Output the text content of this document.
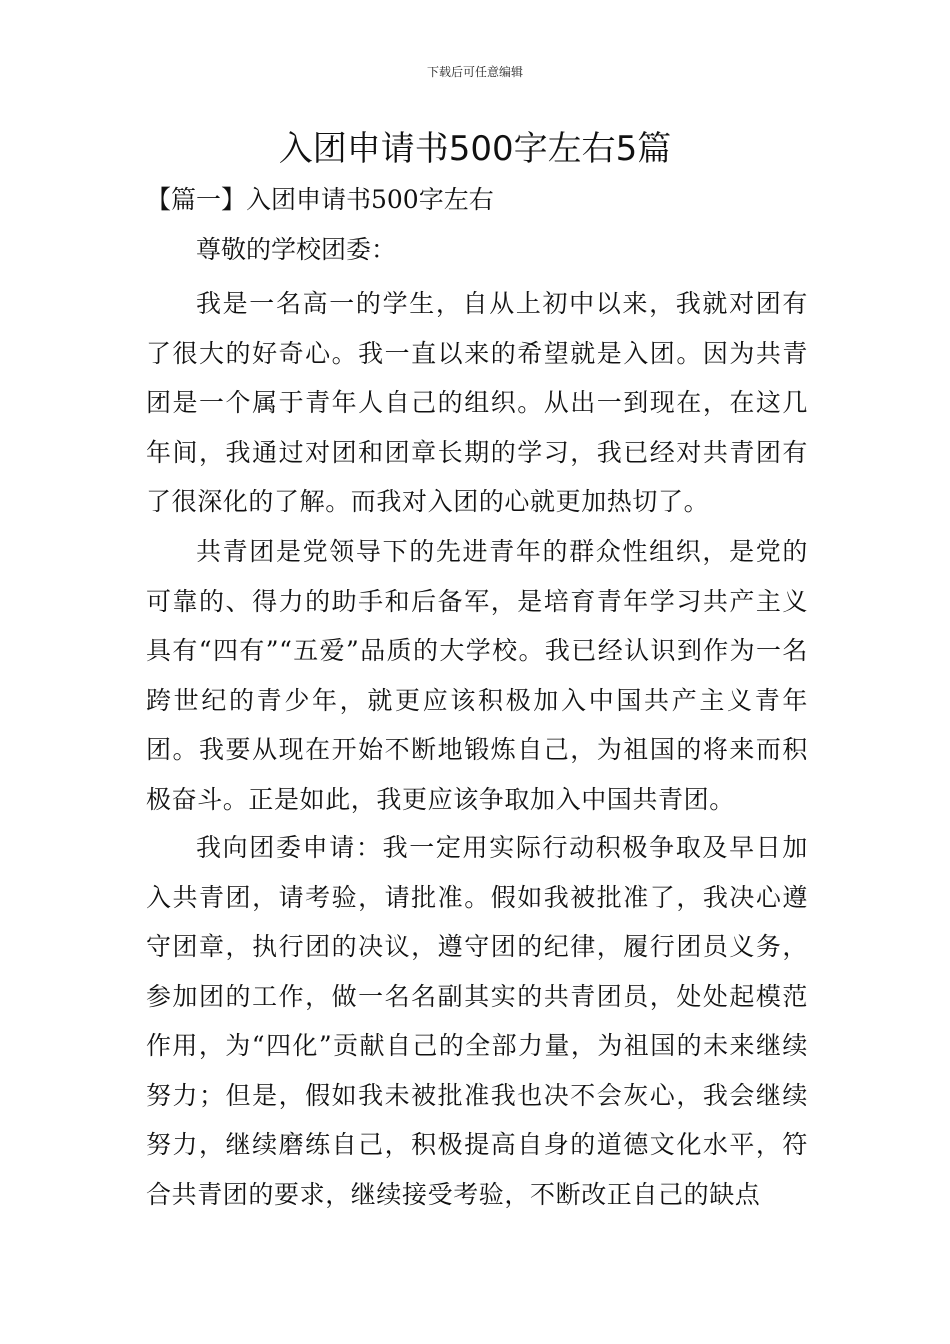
下载后可任意编辑
入团申请书500字左右5篇
【篇一】入团申请书500字左右

尊敬的学校团委：

我是一名高一的学生，自从上初中以来，我就对团有了很大的好奇心。我一直以来的希望就是入团。因为共青团是一个属于青年人自己的组织。从出一到现在，在这几年间，我通过对团和团章长期的学习，我已经对共青团有了很深化的了解。而我对入团的心就更加热切了。

共青团是党领导下的先进青年的群众性组织，是党的可靠的、得力的助手和后备军，是培育青年学习共产主义具有“四有”“五爱”品质的大学校。我已经认识到作为一名跨世纪的青少年，就更应该积极加入中国共产主义青年团。我要从现在开始不断地锻炼自己，为祖国的将来而积极奋斗。正是如此，我更应该争取加入中国共青团。

我向团委申请：我一定用实际行动积极争取及早日加入共青团，请考验，请批准。假如我被批准了，我决心遵守团章，执行团的决议，遵守团的纪律，履行团员义务，参加团的工作，做一名名副其实的共青团员，处处起模范作用，为“四化”贡献自己的全部力量，为祖国的未来继续努力；但是，假如我未被批准我也决不会灰心，我会继续努力，继续磨练自己，积极提高自身的道德文化水平，符合共青团的要求，继续接受考验，不断改正自己的缺点
